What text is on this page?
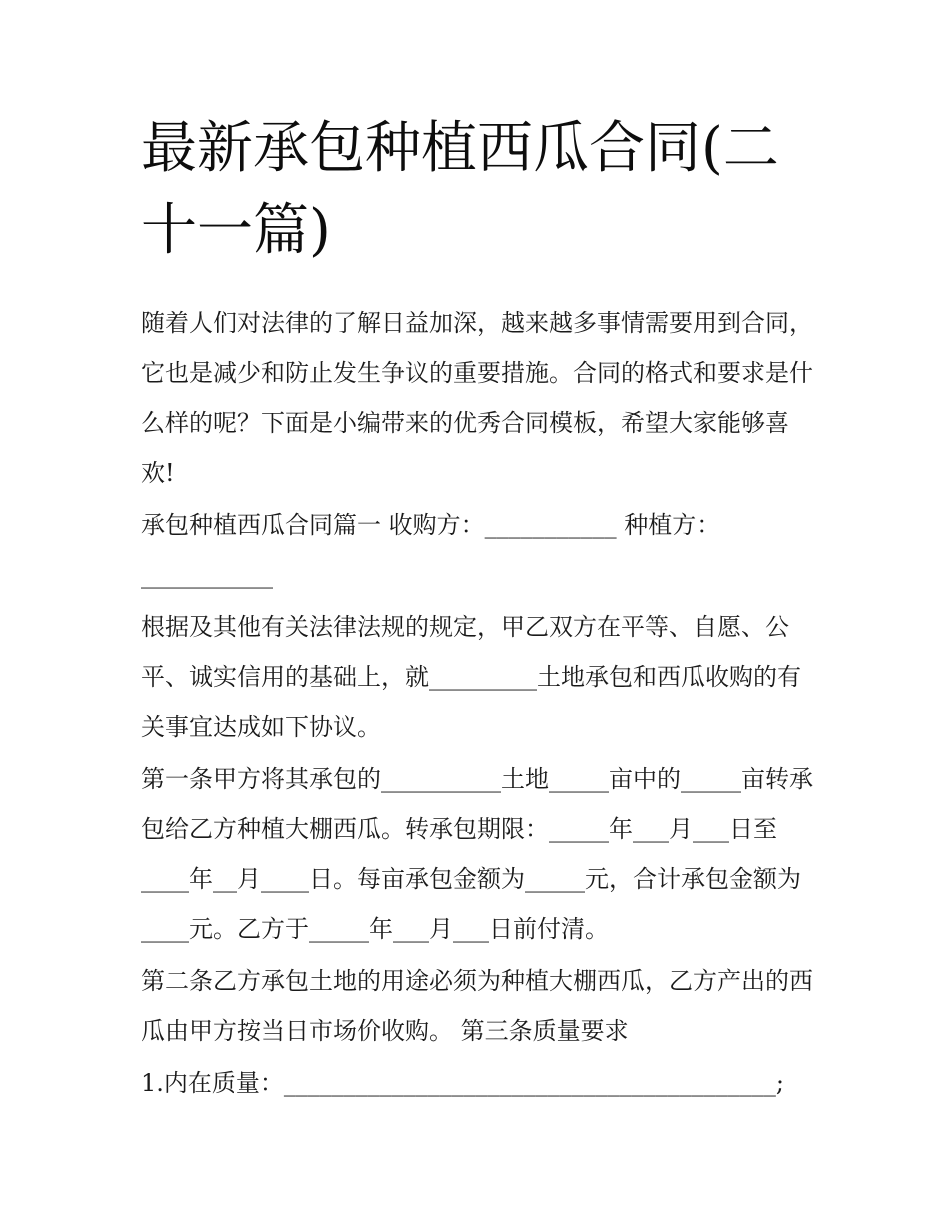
最新承包种植西瓜合同(二十一篇)

随着人们对法律的了解日益加深，越来越多事情需要用到合同，它也是减少和防止发生争议的重要措施。合同的格式和要求是什么样的呢？下面是小编带来的优秀合同模板，希望大家能够喜欢!

承包种植西瓜合同篇一 收购方：___________ 种植方：___________

根据及其他有关法律法规的规定，甲乙双方在平等、自愿、公平、诚实信用的基础上，就_________土地承包和西瓜收购的有关事宜达成如下协议。

第一条甲方将其承包的__________土地_____亩中的_____亩转承包给乙方种植大棚西瓜。转承包期限：_____年___月___日至____年__月____日。每亩承包金额为_____元，合计承包金额为____元。乙方于_____年___月___日前付清。

第二条乙方承包土地的用途必须为种植大棚西瓜，乙方产出的西瓜由甲方按当日市场价收购。 第三条质量要求

1.内在质量：_________________________________________;
